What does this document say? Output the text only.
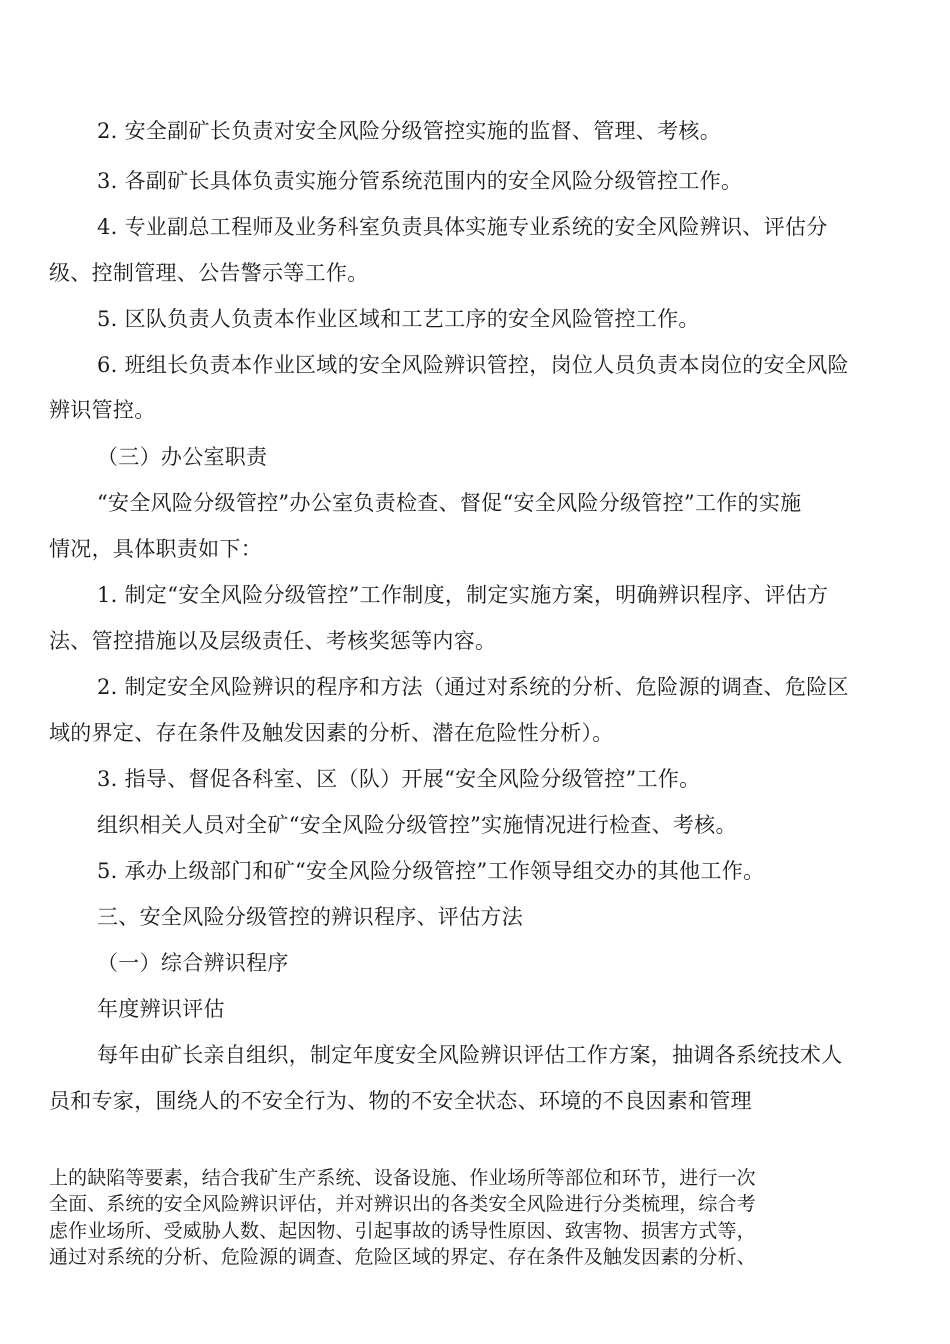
2. 安全副矿长负责对安全风险分级管控实施的监督、管理、考核。
3. 各副矿长具体负责实施分管系统范围内的安全风险分级管控工作。
4. 专业副总工程师及业务科室负责具体实施专业系统的安全风险辨识、评估分
级、控制管理、公告警示等工作。
5. 区队负责人负责本作业区域和工艺工序的安全风险管控工作。
6. 班组长负责本作业区域的安全风险辨识管控，岗位人员负责本岗位的安全风险
辨识管控。
（三）办公室职责
“安全风险分级管控”办公室负责检查、督促“安全风险分级管控”工作的实施
情况，具体职责如下：
1. 制定“安全风险分级管控”工作制度，制定实施方案，明确辨识程序、评估方
法、管控措施以及层级责任、考核奖惩等内容。
2. 制定安全风险辨识的程序和方法（通过对系统的分析、危险源的调查、危险区
域的界定、存在条件及触发因素的分析、潜在危险性分析）。
3. 指导、督促各科室、区（队）开展“安全风险分级管控”工作。
组织相关人员对全矿“安全风险分级管控”实施情况进行检查、考核。
5. 承办上级部门和矿“安全风险分级管控”工作领导组交办的其他工作。
三、安全风险分级管控的辨识程序、评估方法
（一）综合辨识程序
年度辨识评估
每年由矿长亲自组织，制定年度安全风险辨识评估工作方案，抽调各系统技术人
员和专家，围绕人的不安全行为、物的不安全状态、环境的不良因素和管理
上的缺陷等要素，结合我矿生产系统、设备设施、作业场所等部位和环节，进行一次
全面、系统的安全风险辨识评估，并对辨识出的各类安全风险进行分类梳理，综合考
虑作业场所、受威胁人数、起因物、引起事故的诱导性原因、致害物、损害方式等，
通过对系统的分析、危险源的调查、危险区域的界定、存在条件及触发因素的分析、
